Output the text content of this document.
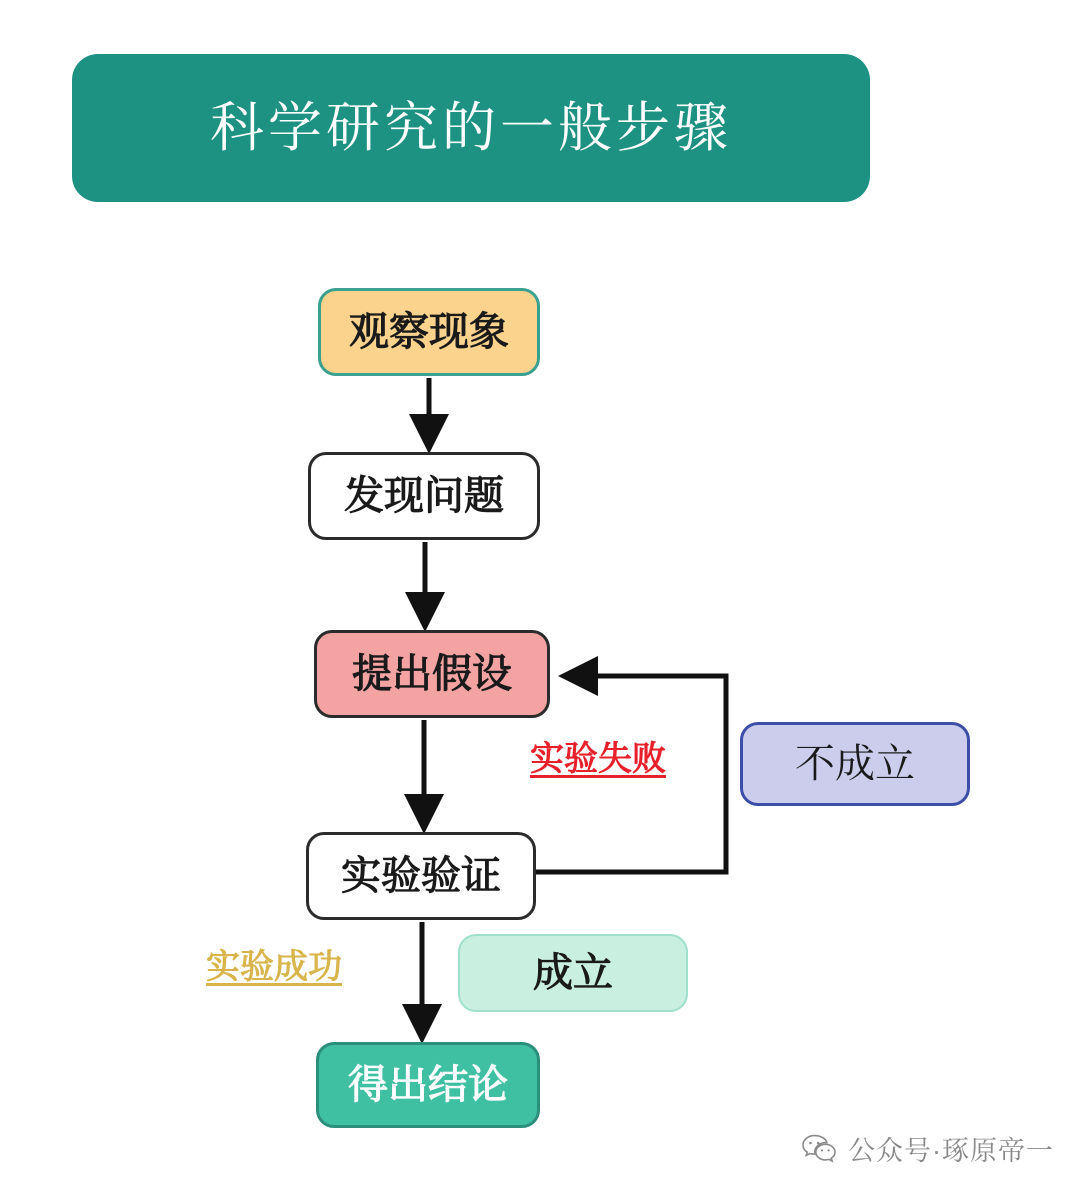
科学研究的一般步骤
观察现象
发现问题
提出假设
实验验证
得出结论
不成立
成立
实验失败
实验成功
公众号·琢原帝一
